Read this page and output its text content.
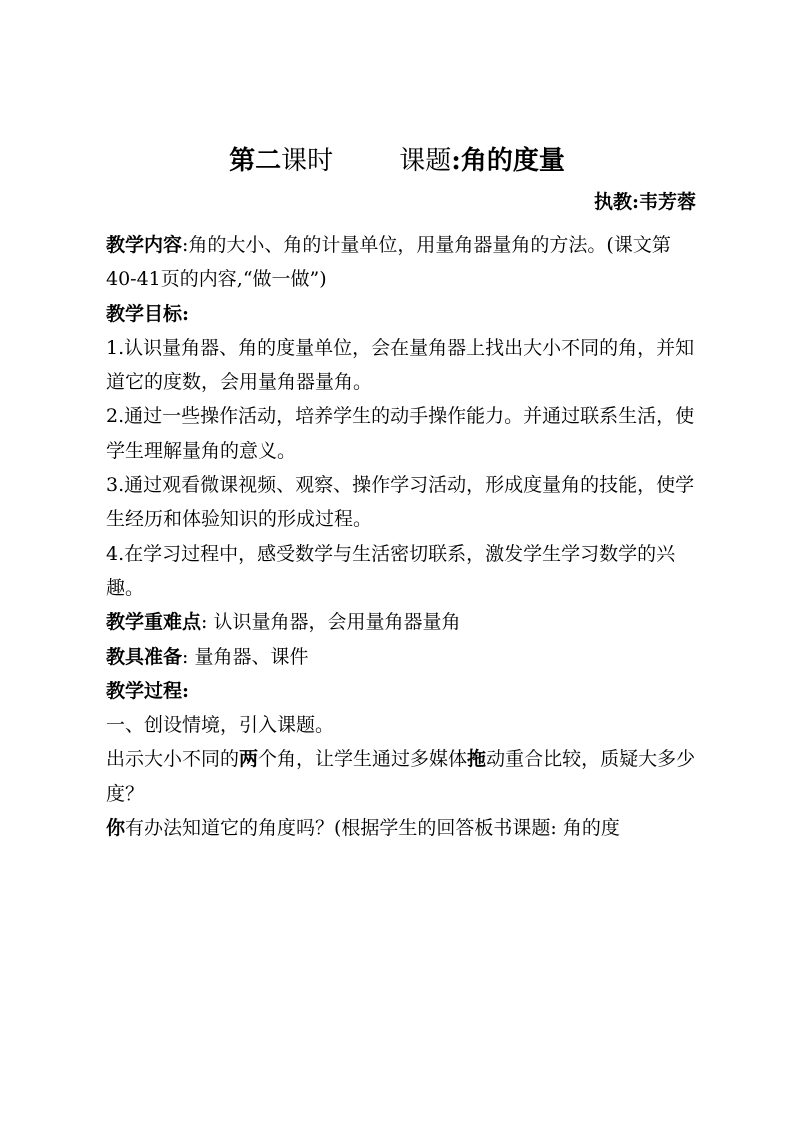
第二课时	课题:角的度量
执教:韦芳蓉

教学内容:角的大小、角的计量单位，用量角器量角的方法。(课文第40-41页的内容,“做一做”)

教学目标:

1.认识量角器、角的度量单位，会在量角器上找出大小不同的角，并知道它的度数，会用量角器量角。

2.通过一些操作活动，培养学生的动手操作能力。并通过联系生活，使学生理解量角的意义。

3.通过观看微课视频、观察、操作学习活动，形成度量角的技能，使学生经历和体验知识的形成过程。

4.在学习过程中，感受数学与生活密切联系，激发学生学习数学的兴趣。

教学重难点: 认识量角器，会用量角器量角

教具准备: 量角器、课件

教学过程:

一、创设情境，引入课题。

出示大小不同的两个角，让学生通过多媒体拖动重合比较，质疑大多少度？

你有办法知道它的角度吗？(根据学生的回答板书课题: 角的度
